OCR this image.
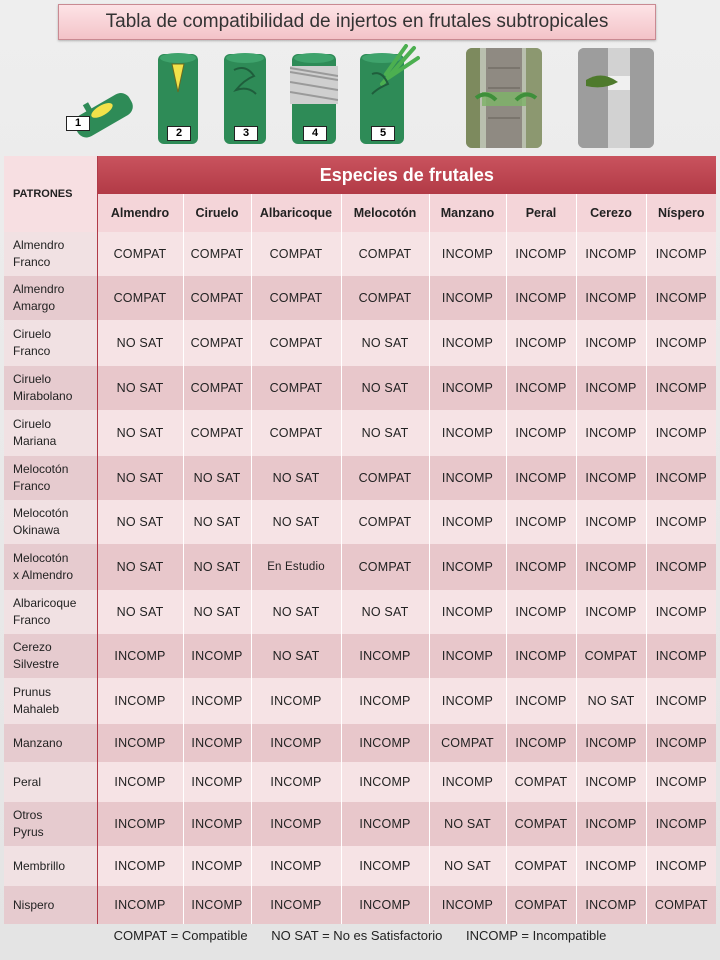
Tabla de compatibilidad de injertos en frutales subtropicales
1
2	3	4	5
PATRONES	Especies de frutales							
	Almendro	Ciruelo	Albaricoque	Melocotón	Manzano	Peral	Cerezo	Níspero

Almendro
Franco	COMPAT	COMPAT	COMPAT	COMPAT	INCOMP	INCOMP	INCOMP	INCOMP

Almendro
Amargo	COMPAT	COMPAT	COMPAT	COMPAT	INCOMP	INCOMP	INCOMP	INCOMP

Ciruelo
Franco	NO SAT	COMPAT	COMPAT	NO SAT	INCOMP	INCOMP	INCOMP	INCOMP

Ciruelo
Mirabolano	NO SAT	COMPAT	COMPAT	NO SAT	INCOMP	INCOMP	INCOMP	INCOMP

Ciruelo
Mariana	NO SAT	COMPAT	COMPAT	NO SAT	INCOMP	INCOMP	INCOMP	INCOMP

Melocotón
Franco	NO SAT	NO SAT	NO SAT	COMPAT	INCOMP	INCOMP	INCOMP	INCOMP

Melocotón
Okinawa	NO SAT	NO SAT	NO SAT	COMPAT	INCOMP	INCOMP	INCOMP	INCOMP

Melocotón
x Almendro	NO SAT	NO SAT	En Estudio	COMPAT	INCOMP	INCOMP	INCOMP	INCOMP

Albaricoque
Franco	NO SAT	NO SAT	NO SAT	NO SAT	INCOMP	INCOMP	INCOMP	INCOMP

Cerezo
Silvestre	INCOMP	INCOMP	NO SAT	INCOMP	INCOMP	INCOMP	COMPAT	INCOMP

Prunus
Mahaleb	INCOMP	INCOMP	INCOMP	INCOMP	INCOMP	INCOMP	NO SAT	INCOMP

Manzano	INCOMP	INCOMP	INCOMP	INCOMP	COMPAT	INCOMP	INCOMP	INCOMP

Peral	INCOMP	INCOMP	INCOMP	INCOMP	INCOMP	COMPAT	INCOMP	INCOMP

Otros
Pyrus	INCOMP	INCOMP	INCOMP	INCOMP	NO SAT	COMPAT	INCOMP	INCOMP

Membrillo	INCOMP	INCOMP	INCOMP	INCOMP	NO SAT	COMPAT	INCOMP	INCOMP

Nispero	INCOMP	INCOMP	INCOMP	INCOMP	INCOMP	COMPAT	INCOMP	COMPAT
COMPAT = Compatible NO SAT = No es Satisfactorio INCOMP = Incompatible
